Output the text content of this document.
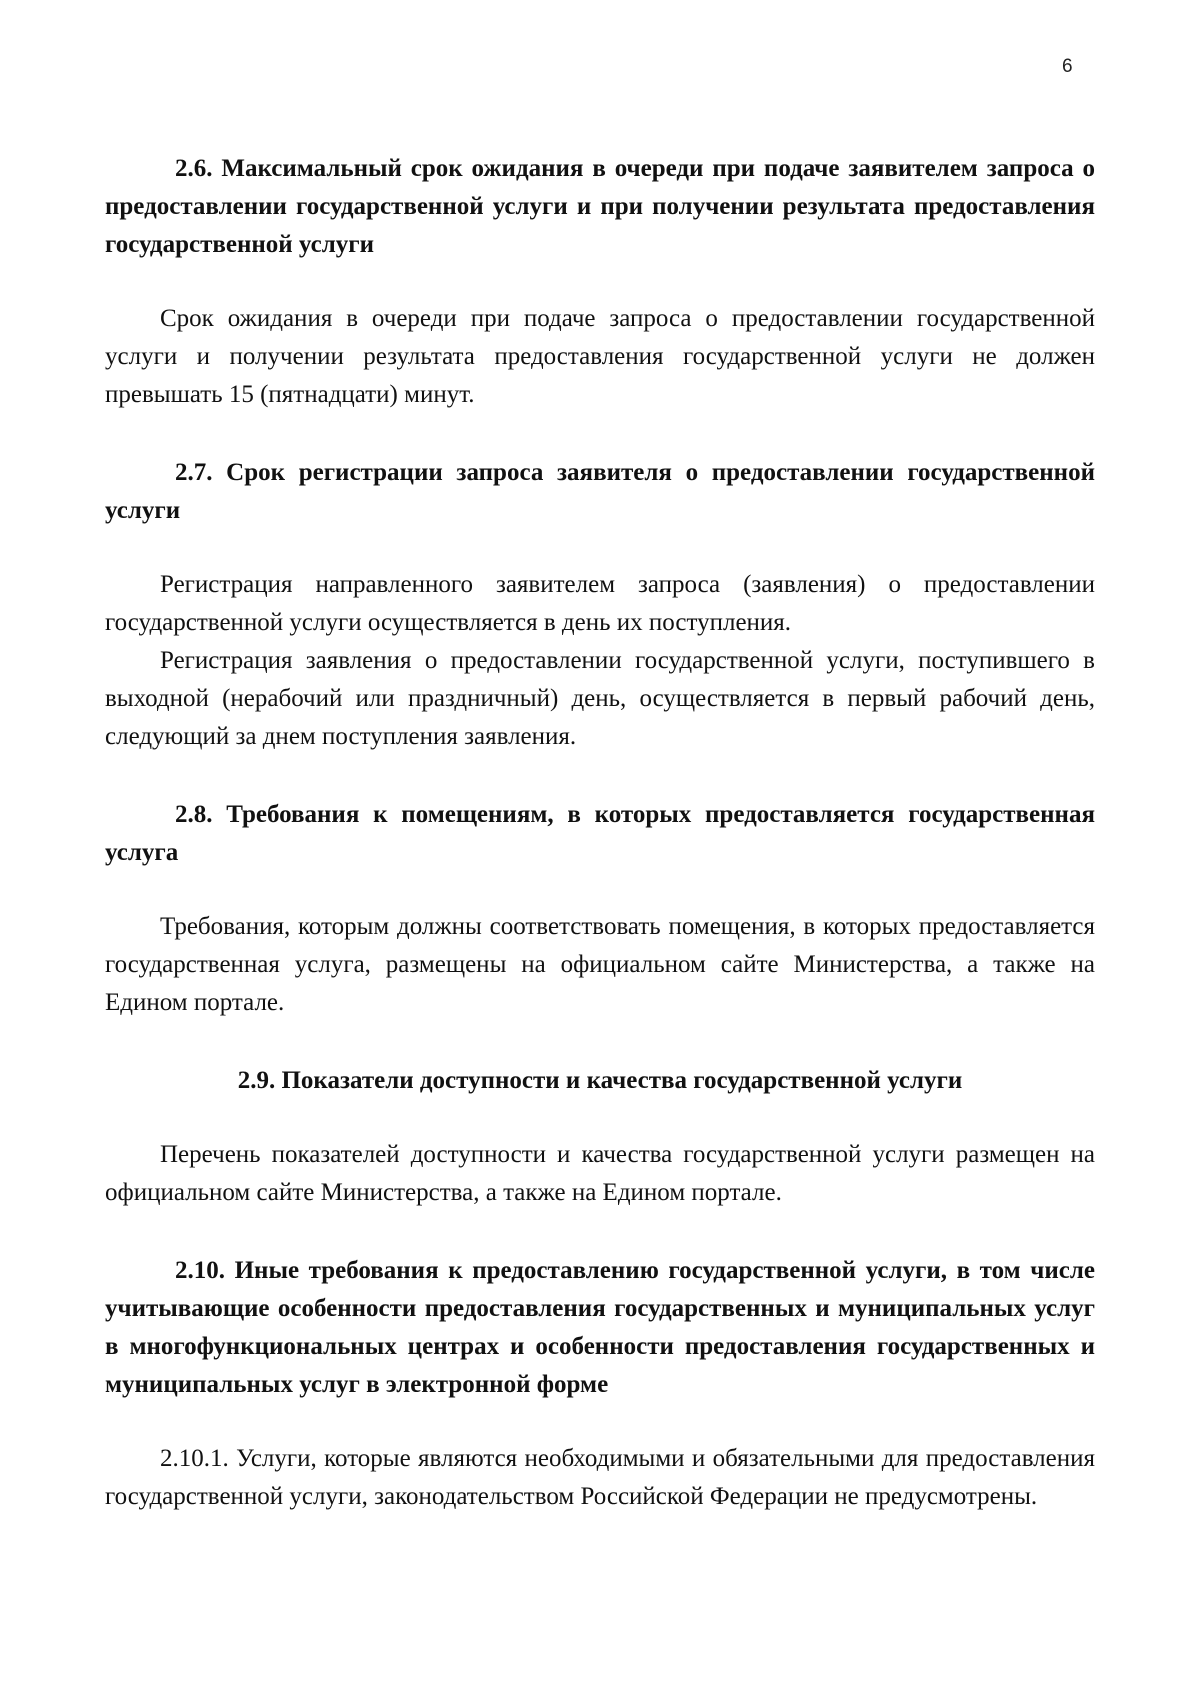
6

2.6. Максимальный срок ожидания в очереди при подаче заявителем запроса о предоставлении государственной услуги и при получении результата предоставления государственной услуги

Срок ожидания в очереди при подаче запроса о предоставлении государственной услуги и получении результата предоставления государственной услуги не должен превышать 15 (пятнадцати) минут.

2.7. Срок регистрации запроса заявителя о предоставлении государственной услуги

Регистрация направленного заявителем запроса (заявления) о предоставлении государственной услуги осуществляется в день их поступления.

Регистрация заявления о предоставлении государственной услуги, поступившего в выходной (нерабочий или праздничный) день, осуществляется в первый рабочий день, следующий за днем поступления заявления.

2.8. Требования к помещениям, в которых предоставляется государственная услуга

Требования, которым должны соответствовать помещения, в которых предоставляется государственная услуга, размещены на официальном сайте Министерства, а также на Едином портале.

2.9. Показатели доступности и качества государственной услуги

Перечень показателей доступности и качества государственной услуги размещен на официальном сайте Министерства, а также на Едином портале.

2.10. Иные требования к предоставлению государственной услуги, в том числе учитывающие особенности предоставления государственных и муниципальных услуг в многофункциональных центрах и особенности предоставления государственных и муниципальных услуг в электронной форме

2.10.1. Услуги, которые являются необходимыми и обязательными для предоставления государственной услуги, законодательством Российской Федерации не предусмотрены.
